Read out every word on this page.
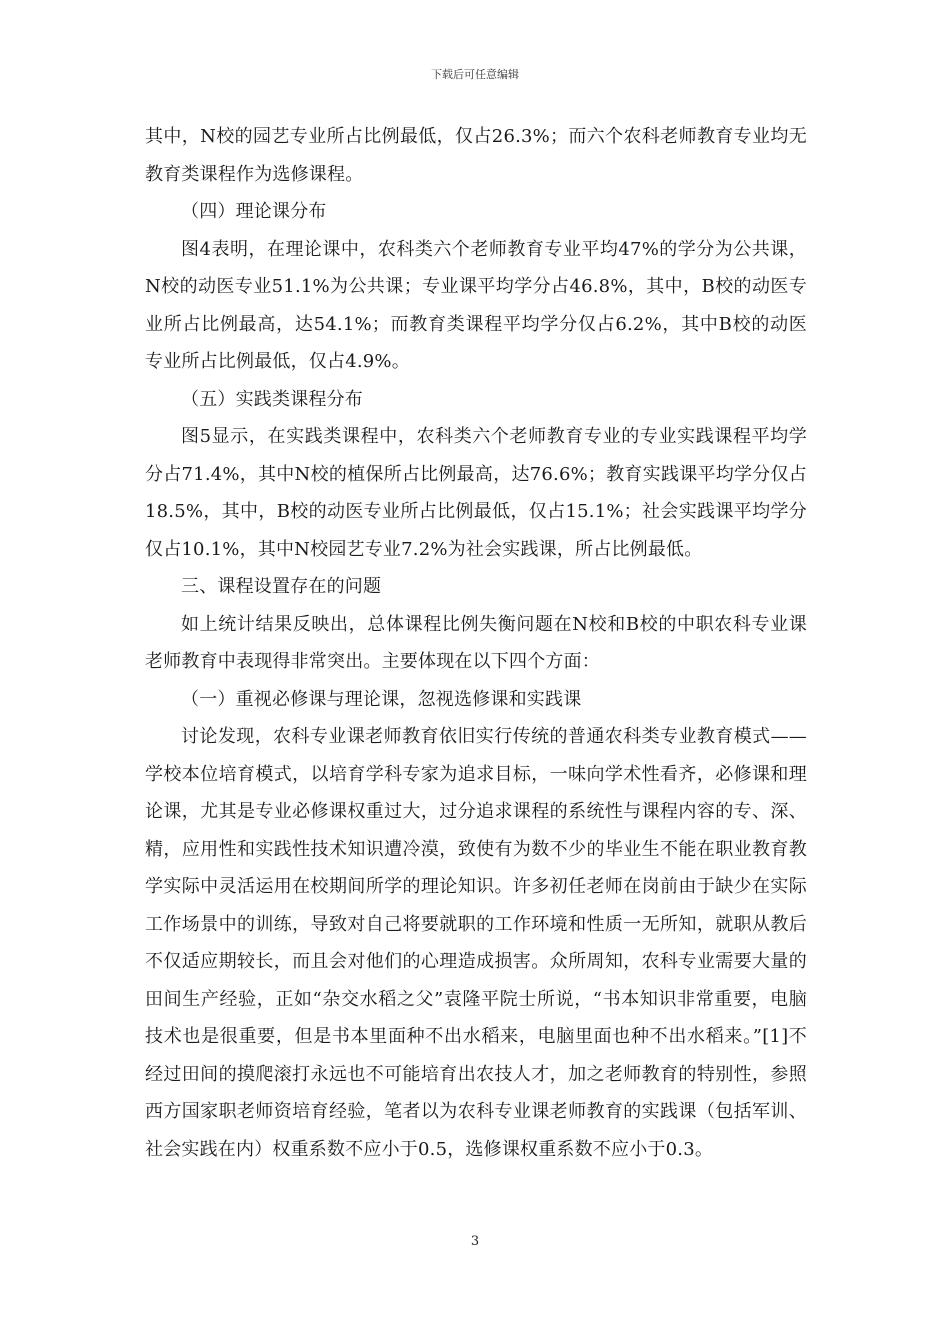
下载后可任意编辑

其中，N校的园艺专业所占比例最低，仅占26.3%；而六个农科老师教育专业均无教育类课程作为选修课程。

（四）理论课分布

图4表明，在理论课中，农科类六个老师教育专业平均47%的学分为公共课，N校的动医专业51.1%为公共课；专业课平均学分占46.8%，其中，B校的动医专业所占比例最高，达54.1%；而教育类课程平均学分仅占6.2%，其中B校的动医专业所占比例最低，仅占4.9%。

（五）实践类课程分布

图5显示，在实践类课程中，农科类六个老师教育专业的专业实践课程平均学分占71.4%，其中N校的植保所占比例最高，达76.6%；教育实践课平均学分仅占18.5%，其中，B校的动医专业所占比例最低，仅占15.1%；社会实践课平均学分仅占10.1%，其中N校园艺专业7.2%为社会实践课，所占比例最低。

三、课程设置存在的问题

如上统计结果反映出，总体课程比例失衡问题在N校和B校的中职农科专业课老师教育中表现得非常突出。主要体现在以下四个方面：

（一）重视必修课与理论课，忽视选修课和实践课

讨论发现，农科专业课老师教育依旧实行传统的普通农科类专业教育模式——学校本位培育模式，以培育学科专家为追求目标，一味向学术性看齐，必修课和理论课，尤其是专业必修课权重过大，过分追求课程的系统性与课程内容的专、深、精，应用性和实践性技术知识遭冷漠，致使有为数不少的毕业生不能在职业教育教学实际中灵活运用在校期间所学的理论知识。许多初任老师在岗前由于缺少在实际工作场景中的训练，导致对自己将要就职的工作环境和性质一无所知，就职从教后不仅适应期较长，而且会对他们的心理造成损害。众所周知，农科专业需要大量的田间生产经验，正如“杂交水稻之父”袁隆平院士所说，“书本知识非常重要，电脑技术也是很重要，但是书本里面种不出水稻来，电脑里面也种不出水稻来。”[1]不经过田间的摸爬滚打永远也不可能培育出农技人才，加之老师教育的特别性，参照西方国家职老师资培育经验，笔者以为农科专业课老师教育的实践课（包括军训、社会实践在内）权重系数不应小于0.5，选修课权重系数不应小于0.3。

3
